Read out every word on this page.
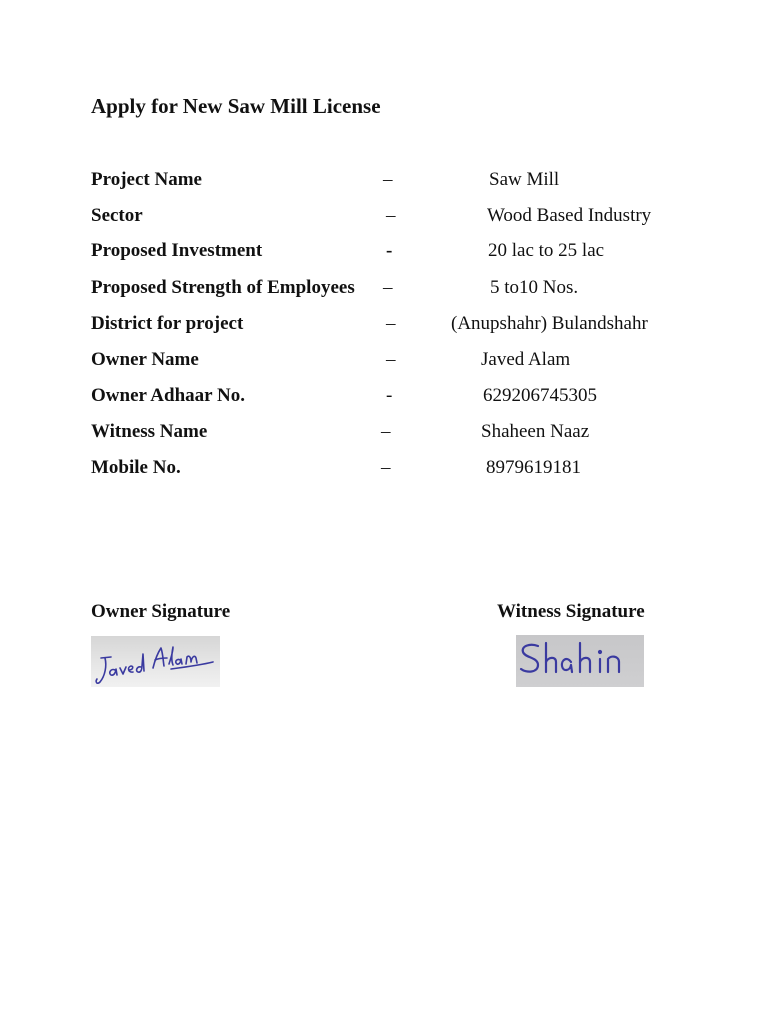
Apply for New Saw Mill License
Project Name	–	Saw Mill
Sector	–	Wood Based Industry
Proposed Investment	-	20 lac to 25 lac
Proposed Strength of Employees –	5 to10 Nos.
District for project	–	(Anupshahr) Bulandshahr
Owner Name	–	Javed Alam
Owner Adhaar No.	-	629206745305
Witness Name	–	Shaheen Naaz
Mobile No.	–	8979619181
Owner Signature	Witness Signature
